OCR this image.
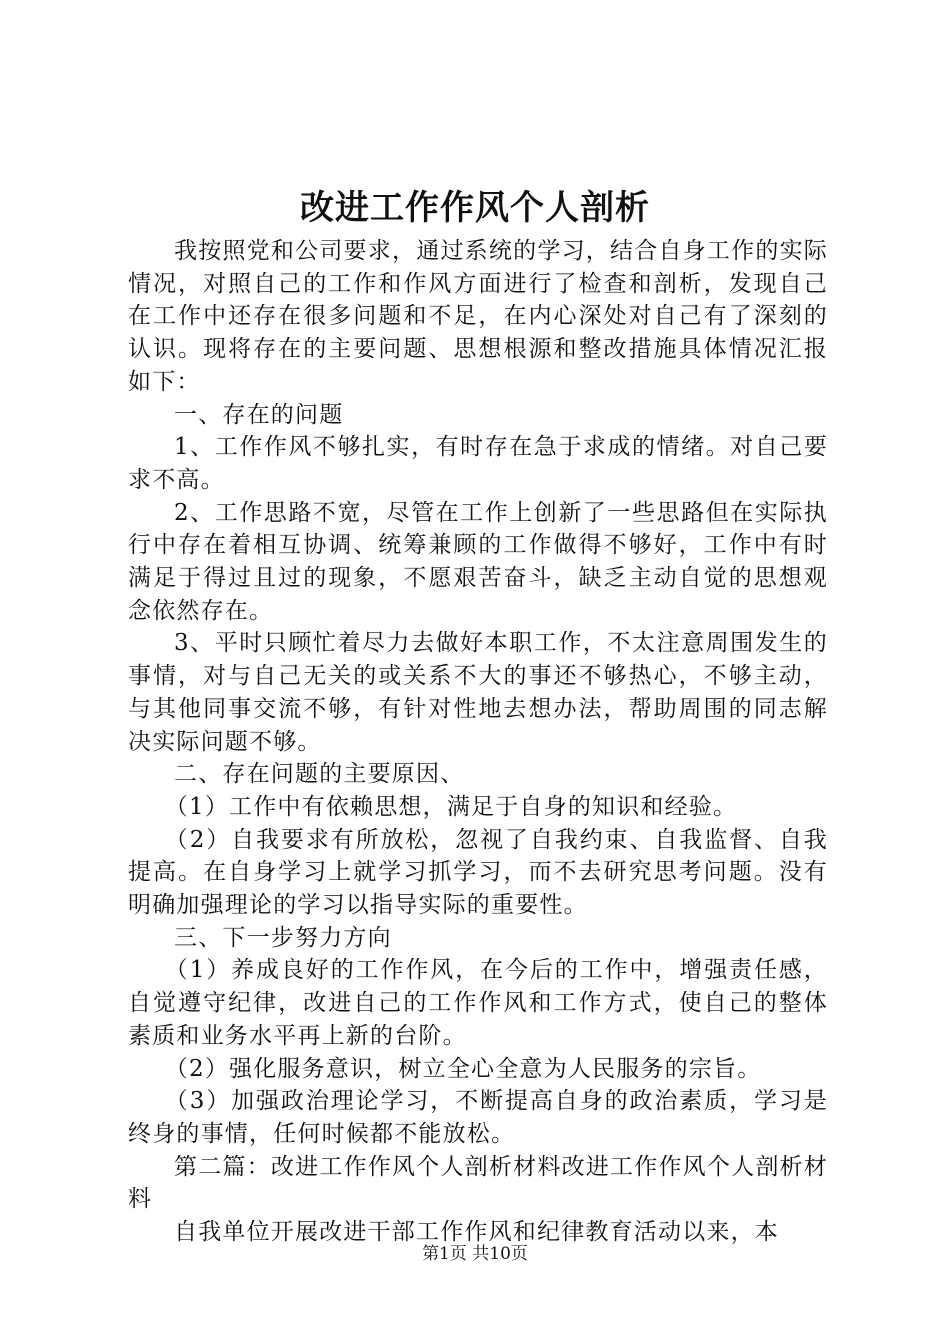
改进工作作风个人剖析

我按照党和公司要求，通过系统的学习，结合自身工作的实际情况，对照自己的工作和作风方面进行了检查和剖析，发现自己在工作中还存在很多问题和不足，在内心深处对自己有了深刻的认识。现将存在的主要问题、思想根源和整改措施具体情况汇报如下：

一、存在的问题

1、工作作风不够扎实，有时存在急于求成的情绪。对自己要求不高。

2、工作思路不宽，尽管在工作上创新了一些思路但在实际执行中存在着相互协调、统筹兼顾的工作做得不够好，工作中有时满足于得过且过的现象，不愿艰苦奋斗，缺乏主动自觉的思想观念依然存在。

3、平时只顾忙着尽力去做好本职工作，不太注意周围发生的事情，对与自己无关的或关系不大的事还不够热心，不够主动，与其他同事交流不够，有针对性地去想办法，帮助周围的同志解决实际问题不够。

二、存在问题的主要原因、

（1）工作中有依赖思想，满足于自身的知识和经验。

（2）自我要求有所放松，忽视了自我约束、自我监督、自我提高。在自身学习上就学习抓学习，而不去研究思考问题。没有明确加强理论的学习以指导实际的重要性。

三、下一步努力方向

（1）养成良好的工作作风，在今后的工作中，增强责任感，自觉遵守纪律，改进自己的工作作风和工作方式，使自己的整体素质和业务水平再上新的台阶。

（2）强化服务意识，树立全心全意为人民服务的宗旨。

（3）加强政治理论学习，不断提高自身的政治素质，学习是终身的事情，任何时候都不能放松。

第二篇：改进工作作风个人剖析材料改进工作作风个人剖析材料

自我单位开展改进干部工作作风和纪律教育活动以来，本

第1页 共10页
